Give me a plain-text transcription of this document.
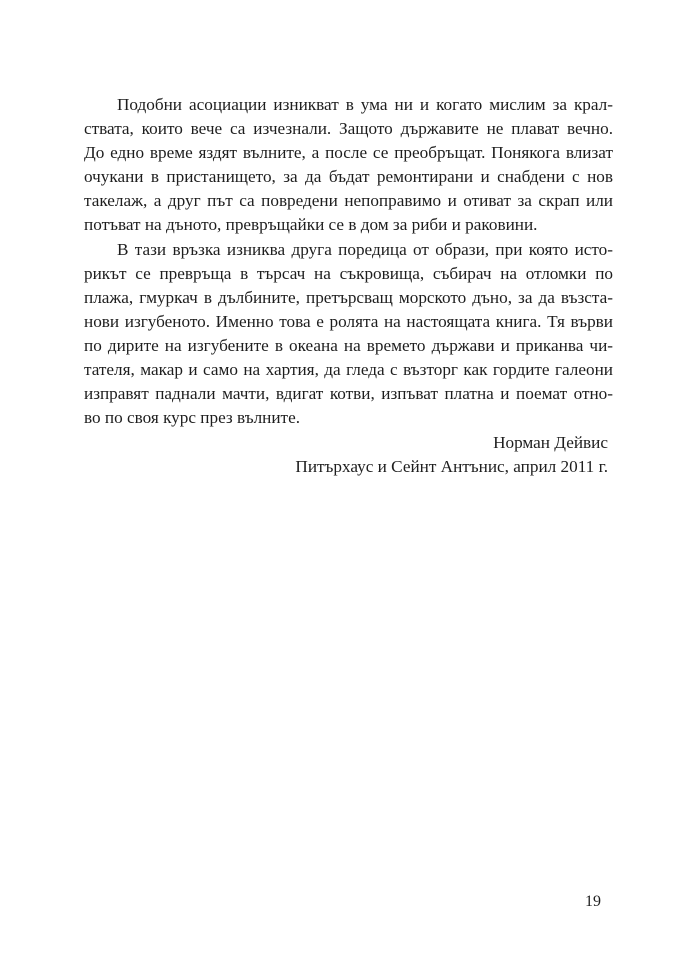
Подобни асоциации изникват в ума ни и когато мислим за крал-
ствата, които вече са изчезнали. Защото държавите не плават вечно.
До едно време яздят вълните, а после се преобръщат. Понякога влизат
очукани в пристанището, за да бъдат ремонтирани и снабдени с нов
такелаж, а друг път са повредени непоправимо и отиват за скрап или
потъват на дъното, превръщайки се в дом за риби и раковини.
В тази връзка изниква друга поредица от образи, при която исто-
рикът се превръща в търсач на съкровища, събирач на отломки по
плажа, гмуркач в дълбините, претърсващ морското дъно, за да възста-
нови изгубеното. Именно това е ролята на настоящата книга. Тя върви
по дирите на изгубените в океана на времето държави и приканва чи-
тателя, макар и само на хартия, да гледа с възторг как гордите галеони
изправят паднали мачти, вдигат котви, изпъват платна и поемат отно-
во по своя курс през вълните.
Норман Дейвис
Питърхаус и Сейнт Антънис, април 2011 г.
19
